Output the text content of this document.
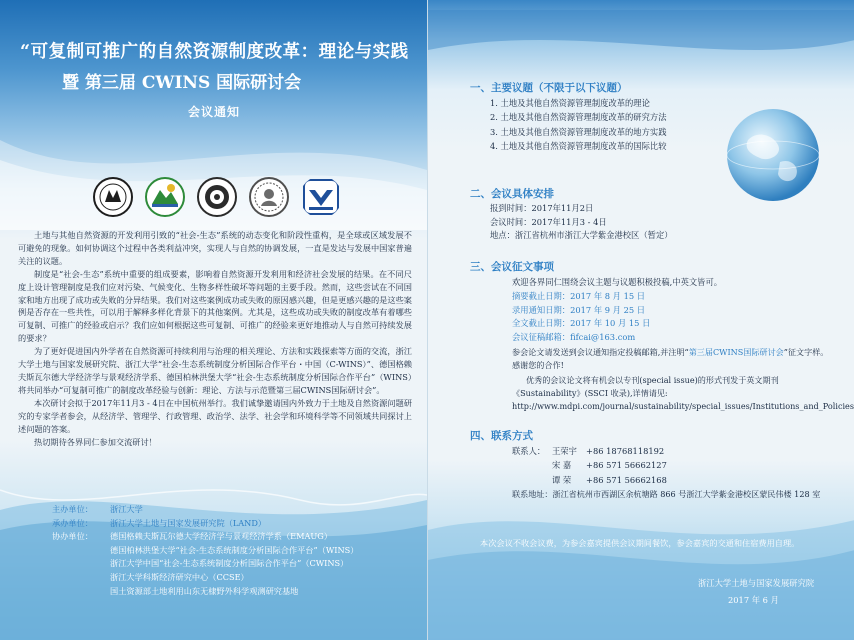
“可复制可推广的自然资源制度改革：理论与实践
暨 第三届 CWINS 国际研讨会
会议通知

土地与其他自然资源的开发利用引致的“社会-生态”系统的动态变化和阶段性重构，是全球或区域发展不可避免的现象。如何协调这个过程中各类利益冲突，实现人与自然的协调发展，一直是发达与发展中国家普遍关注的议题。

制度是“社会-生态”系统中重要的组成要素，影响着自然资源开发利用和经济社会发展的结果。在不同尺度上设计管理制度是我们应对污染、气候变化、生物多样性破坏等问题的主要手段。然而，这些尝试在不同国家和地方出现了成功或失败的分异结果。我们对这些案例成功或失败的原因感兴趣，但是更感兴趣的是这些案例是否存在一些共性，可以用于解释多样化背景下的其他案例。尤其是，这些成功或失败的制度改革有着哪些可复制、可推广的经验或启示？我们应如何根据这些可复制、可推广的经验来更好地推动人与自然可持续发展的要求？

为了更好促进国内外学者在自然资源可持续利用与治理的相关理论、方法和实践探索等方面的交流，浙江大学土地与国家发展研究院、浙江大学“社会-生态系统制度分析国际合作平台・中国（C-WINS）”、德国格赖夫斯瓦尔德大学经济学与景观经济学系、德国柏林洪堡大学“社会-生态系统制度分析国际合作平台”（WINS）将共同举办“可复制可推广的制度改革经验与创新：理论、方法与示范暨第三届CWINS国际研讨会”。

本次研讨会拟于2017年11月3 - 4日在中国杭州举行。我们诚挚邀请国内外致力于土地及自然资源问题研究的专家学者参会，从经济学、管理学、行政管理、政治学、法学、社会学和环境科学等不同领域共同探讨上述问题的答案。

热切期待各界同仁参加交流研讨！

主办单位：	浙江大学
承办单位：	浙江大学土地与国家发展研究院（LAND）
协办单位：	德国格赖夫斯瓦尔德大学经济学与景观经济学系（EMAUG）
德国柏林洪堡大学“社会-生态系统制度分析国际合作平台”（WINS）
浙江大学中国“社会-生态系统制度分析国际合作平台”（CWINS）
浙江大学科斯经济研究中心（CCSE）
国土资源部土地利用山东无棣野外科学观测研究基地
一、主要议题（不限于以下议题）
1. 土地及其他自然资源管理制度改革的理论
2. 土地及其他自然资源管理制度改革的研究方法
3. 土地及其他自然资源管理制度改革的地方实践
4. 土地及其他自然资源管理制度改革的国际比较
二、会议具体安排
报到时间：2017年11月2日
会议时间：2017年11月3 - 4日
地点：浙江省杭州市浙江大学紫金港校区（暂定）
三、会议征文事项
欢迎各界同仁围绕会议主题与议题积极投稿,中英文皆可。
摘要截止日期：2017 年 8 月 15 日
录用通知日期：2017 年 9 月 25 日
全文截止日期：2017 年 10 月 15 日
会议征稿邮箱：fifcai@163.com
参会论文请发送到会议通知指定投稿邮箱,并注明“第三届CWINS国际研讨会”征文字样。感谢您的合作!
优秀的会议论文将有机会以专刊(special issue)的形式刊发于英文期刊《Sustainability》(SSCI 收录),详情请见: http://www.mdpi.com/journal/sustainability/special_issues/Institutions_and_Policies
四、联系方式
联系人： 王荣宇	+86 18768118192
宋 嘉	+86 571 56662127
谭 荣	+86 571 56662168
联系地址：浙江省杭州市西湖区余杭塘路 866 号浙江大学紫金港校区蒙民伟楼 128 室
本次会议不收会议费，为参会嘉宾提供会议期间餐饮，参会嘉宾的交通和住宿费用自理。
浙江大学土地与国家发展研究院
2017 年 6 月
